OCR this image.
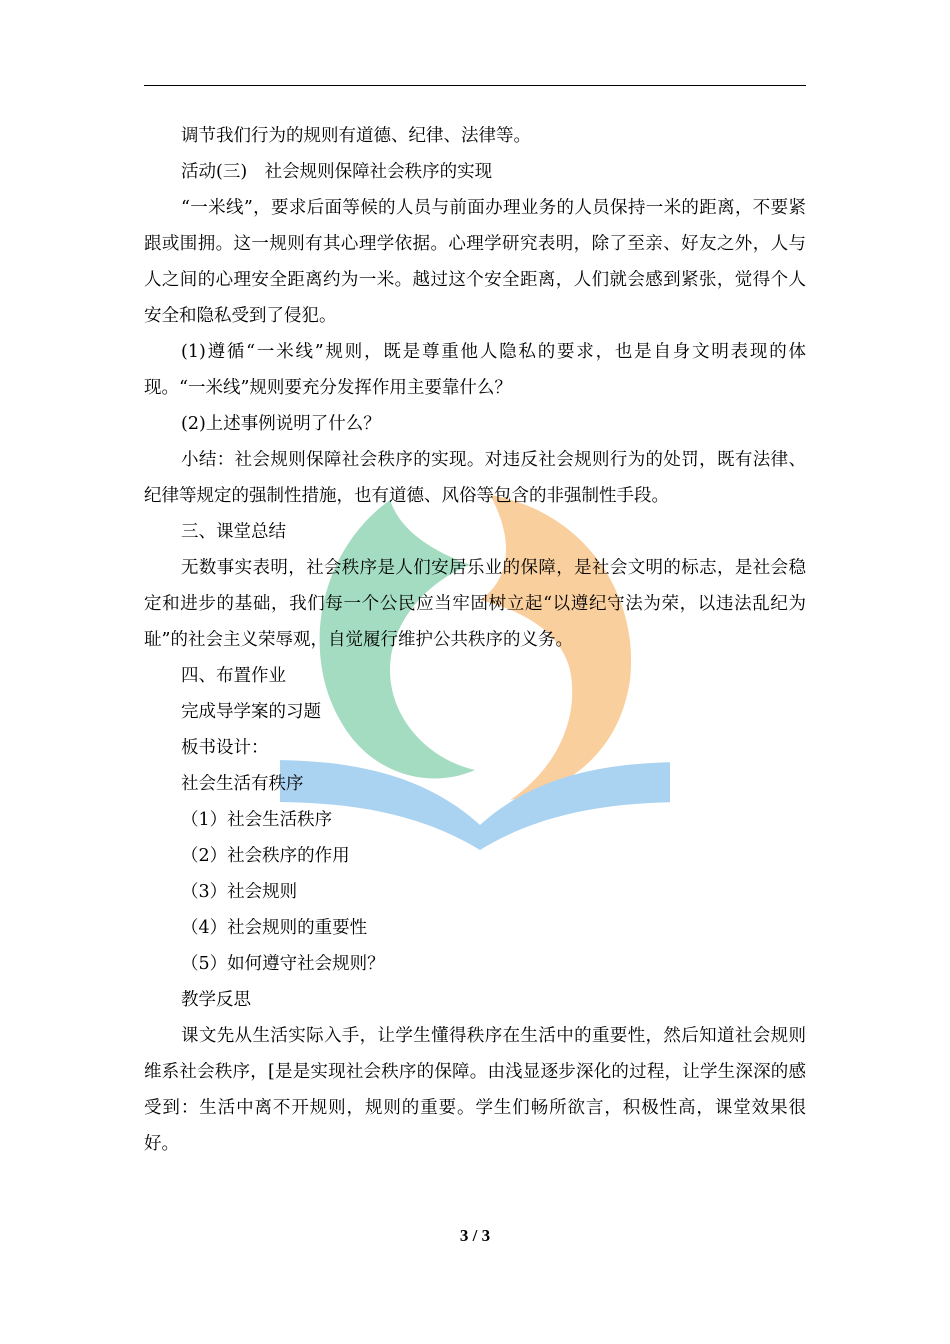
调节我们行为的规则有道德、纪律、法律等。

活动(三)　社会规则保障社会秩序的实现

“一米线”，要求后面等候的人员与前面办理业务的人员保持一米的距离，不要紧跟或围拥。这一规则有其心理学依据。心理学研究表明，除了至亲、好友之外，人与人之间的心理安全距离约为一米。越过这个安全距离，人们就会感到紧张，觉得个人安全和隐私受到了侵犯。

(1)遵循“一米线”规则，既是尊重他人隐私的要求，也是自身文明表现的体现。“一米线”规则要充分发挥作用主要靠什么？

(2)上述事例说明了什么？

小结：社会规则保障社会秩序的实现。对违反社会规则行为的处罚，既有法律、纪律等规定的强制性措施，也有道德、风俗等包含的非强制性手段。

三、课堂总结

无数事实表明，社会秩序是人们安居乐业的保障，是社会文明的标志，是社会稳定和进步的基础，我们每一个公民应当牢固树立起“以遵纪守法为荣，以违法乱纪为耻”的社会主义荣辱观，自觉履行维护公共秩序的义务。

四、布置作业

完成导学案的习题

板书设计：

社会生活有秩序

（1）社会生活秩序

（2）社会秩序的作用

（3）社会规则

（4）社会规则的重要性

（5）如何遵守社会规则？

教学反思

课文先从生活实际入手，让学生懂得秩序在生活中的重要性，然后知道社会规则维系社会秩序，[是是实现社会秩序的保障。由浅显逐步深化的过程，让学生深深的感受到：生活中离不开规则，规则的重要。学生们畅所欲言，积极性高，课堂效果很好。

3 / 3
